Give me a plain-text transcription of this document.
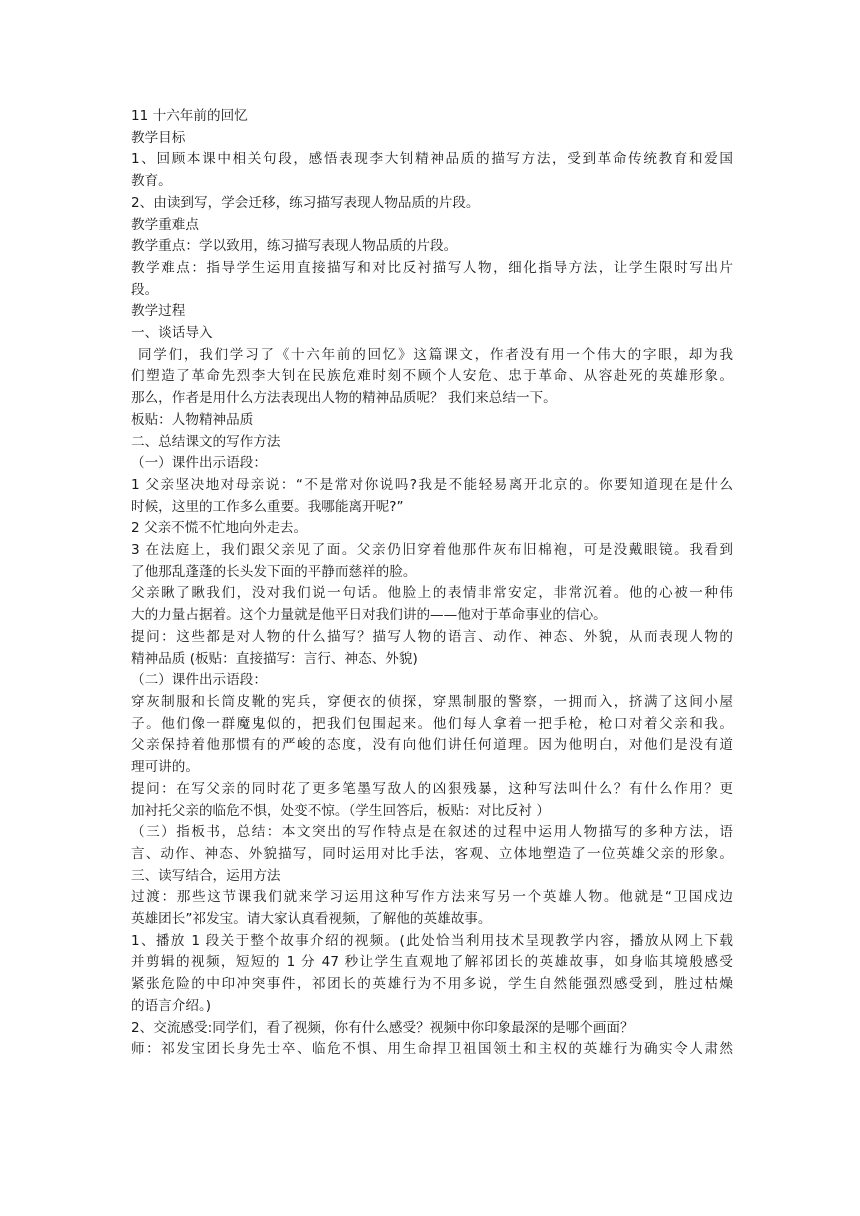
11 十六年前的回忆
教学目标
1、回顾本课中相关句段，感悟表现李大钊精神品质的描写方法，受到革命传统教育和爱国
教育。
2、由读到写，学会迁移，练习描写表现人物品质的片段。
教学重难点
教学重点：学以致用，练习描写表现人物品质的片段。
教学难点：指导学生运用直接描写和对比反衬描写人物，细化指导方法，让学生限时写出片
段。
教学过程
一、谈话导入
同学们，我们学习了《十六年前的回忆》这篇课文，作者没有用一个伟大的字眼，却为我
们塑造了革命先烈李大钊在民族危难时刻不顾个人安危、忠于革命、从容赴死的英雄形象。
那么，作者是用什么方法表现出人物的精神品质呢？ 我们来总结一下。
板贴：人物精神品质
二、总结课文的写作方法
（一）课件出示语段：
1 父亲坚决地对母亲说：“不是常对你说吗?我是不能轻易离开北京的。你要知道现在是什么
时候，这里的工作多么重要。我哪能离开呢?”
2 父亲不慌不忙地向外走去。
3 在法庭上，我们跟父亲见了面。父亲仍旧穿着他那件灰布旧棉袍，可是没戴眼镜。我看到
了他那乱蓬蓬的长头发下面的平静而慈祥的脸。
父亲瞅了瞅我们，没对我们说一句话。他脸上的表情非常安定，非常沉着。他的心被一种伟
大的力量占据着。这个力量就是他平日对我们讲的——他对于革命事业的信心。
提问：这些都是对人物的什么描写？描写人物的语言、动作、神态、外貌，从而表现人物的
精神品质 (板贴：直接描写：言行、神态、外貌)
（二）课件出示语段：
穿灰制服和长筒皮靴的宪兵，穿便衣的侦探，穿黑制服的警察，一拥而入，挤满了这间小屋
子。他们像一群魔鬼似的，把我们包围起来。他们每人拿着一把手枪，枪口对着父亲和我。
父亲保持着他那惯有的严峻的态度，没有向他们讲任何道理。因为他明白，对他们是没有道
理可讲的。
提问：在写父亲的同时花了更多笔墨写敌人的凶狠残暴，这种写法叫什么？有什么作用？更
加衬托父亲的临危不惧，处变不惊。（学生回答后，板贴：对比反衬 ）
（三）指板书，总结：本文突出的写作特点是在叙述的过程中运用人物描写的多种方法，语
言、动作、神态、外貌描写，同时运用对比手法，客观、立体地塑造了一位英雄父亲的形象。
三、读写结合，运用方法
过渡：那些这节课我们就来学习运用这种写作方法来写另一个英雄人物。他就是“卫国戍边
英雄团长”祁发宝。请大家认真看视频，了解他的英雄故事。
1、播放 1 段关于整个故事介绍的视频。(此处恰当利用技术呈现教学内容，播放从网上下载
并剪辑的视频，短短的 1 分 47 秒让学生直观地了解祁团长的英雄故事，如身临其境般感受
紧张危险的中印冲突事件，祁团长的英雄行为不用多说，学生自然能强烈感受到，胜过枯燥
的语言介绍。)
2、交流感受:同学们，看了视频，你有什么感受？视频中你印象最深的是哪个画面？
师：祁发宝团长身先士卒、临危不惧、用生命捍卫祖国领土和主权的英雄行为确实令人肃然
